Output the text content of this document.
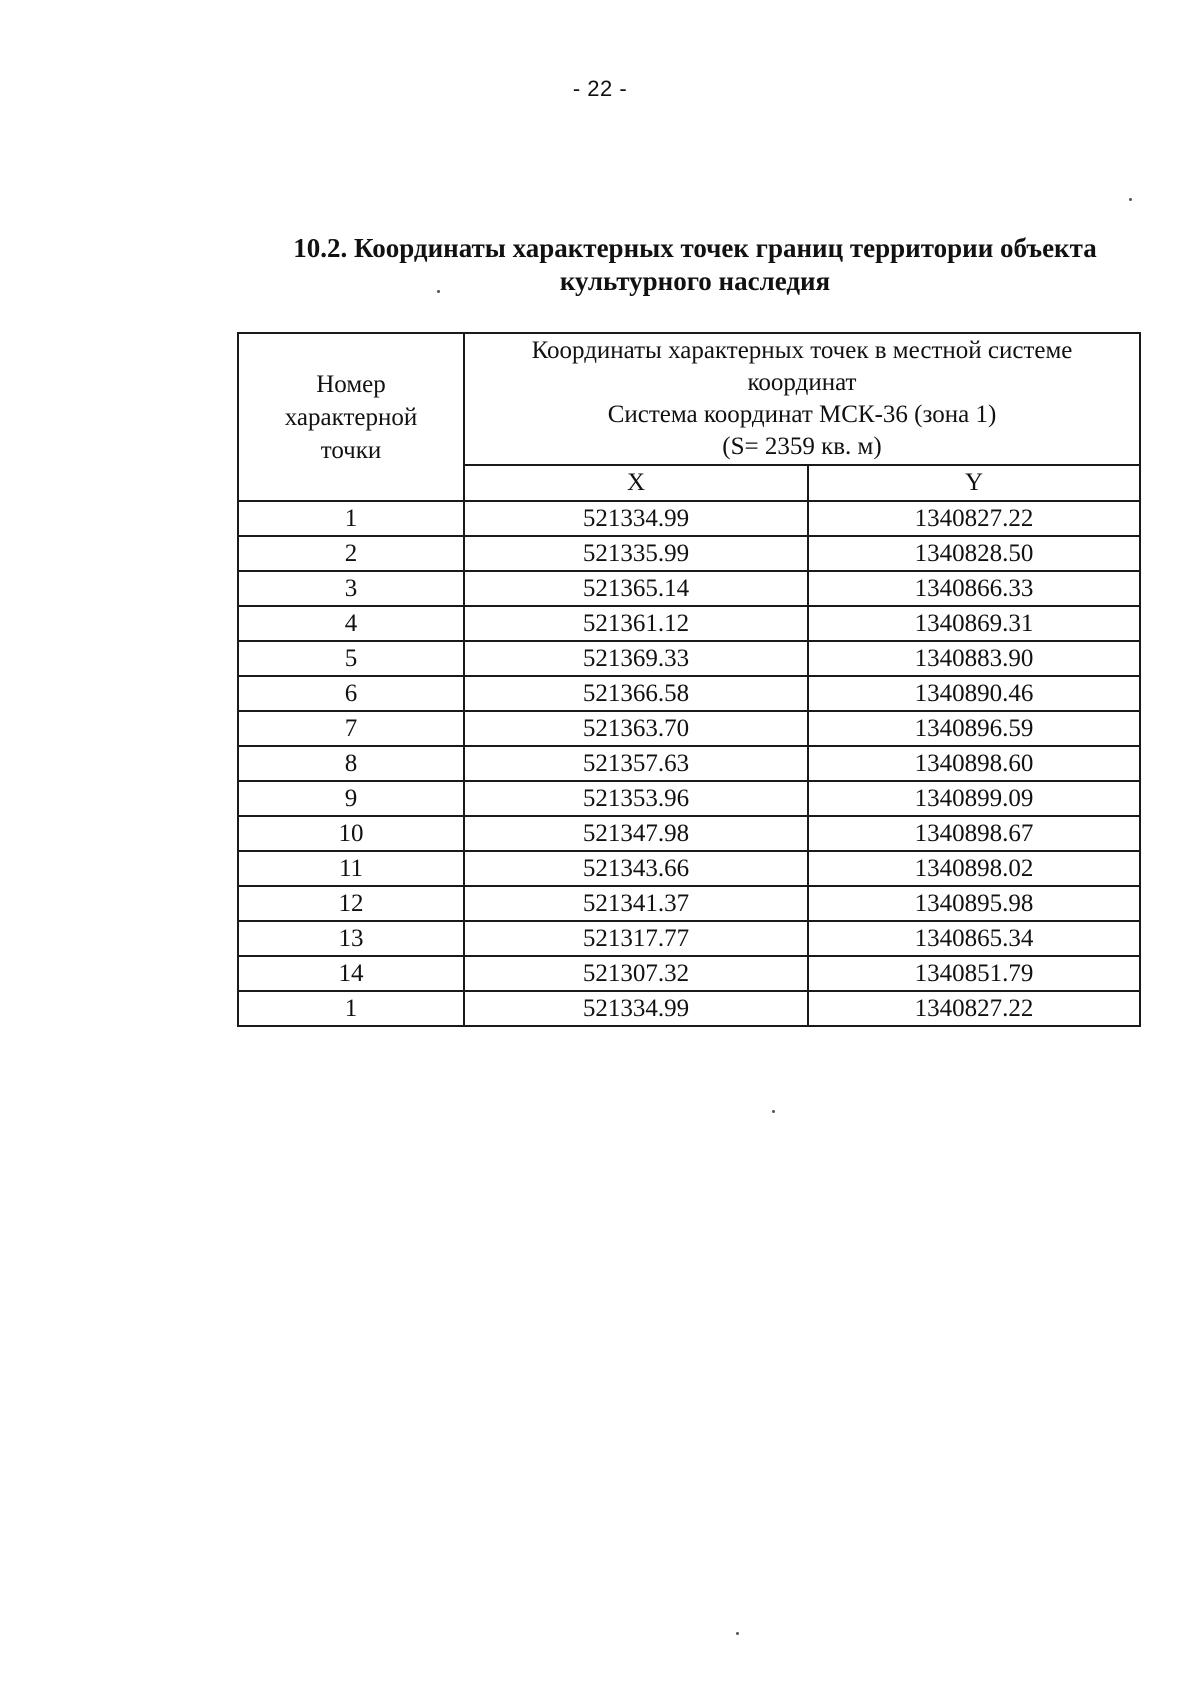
- 22 -
10.2. Координаты характерных точек границ территории объекта
культурного наследия
Номер
характерной
точки	Координаты характерных точек в местной системе
координат
Система координат МСК-36 (зона 1)
(S= 2359 кв. м)	

	X	Y
1	521334.99	1340827.22
2	521335.99	1340828.50
3	521365.14	1340866.33
4	521361.12	1340869.31
5	521369.33	1340883.90
6	521366.58	1340890.46
7	521363.70	1340896.59
8	521357.63	1340898.60
9	521353.96	1340899.09
10	521347.98	1340898.67
11	521343.66	1340898.02
12	521341.37	1340895.98
13	521317.77	1340865.34
14	521307.32	1340851.79
1	521334.99	1340827.22
